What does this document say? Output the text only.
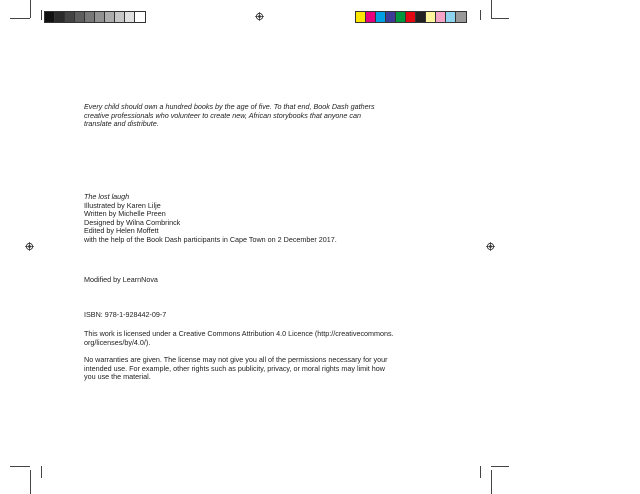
Every child should own a hundred books by the age of five. To that end, Book Dash gathers
creative professionals who volunteer to create new, African storybooks that anyone can
translate and distribute.
The lost laugh
Illustrated by Karen Lilje
Written by Michelle Preen
Designed by Wilna Combrinck
Edited by Helen Moffett
with the help of the Book Dash participants in Cape Town on 2 December 2017.
Modified by LearnNova
ISBN: 978-1-928442-09-7
This work is licensed under a Creative Commons Attribution 4.0 Licence (http://creativecommons.
org/licenses/by/4.0/).
No warranties are given. The license may not give you all of the permissions necessary for your
intended use. For example, other rights such as publicity, privacy, or moral rights may limit how
you use the material.
